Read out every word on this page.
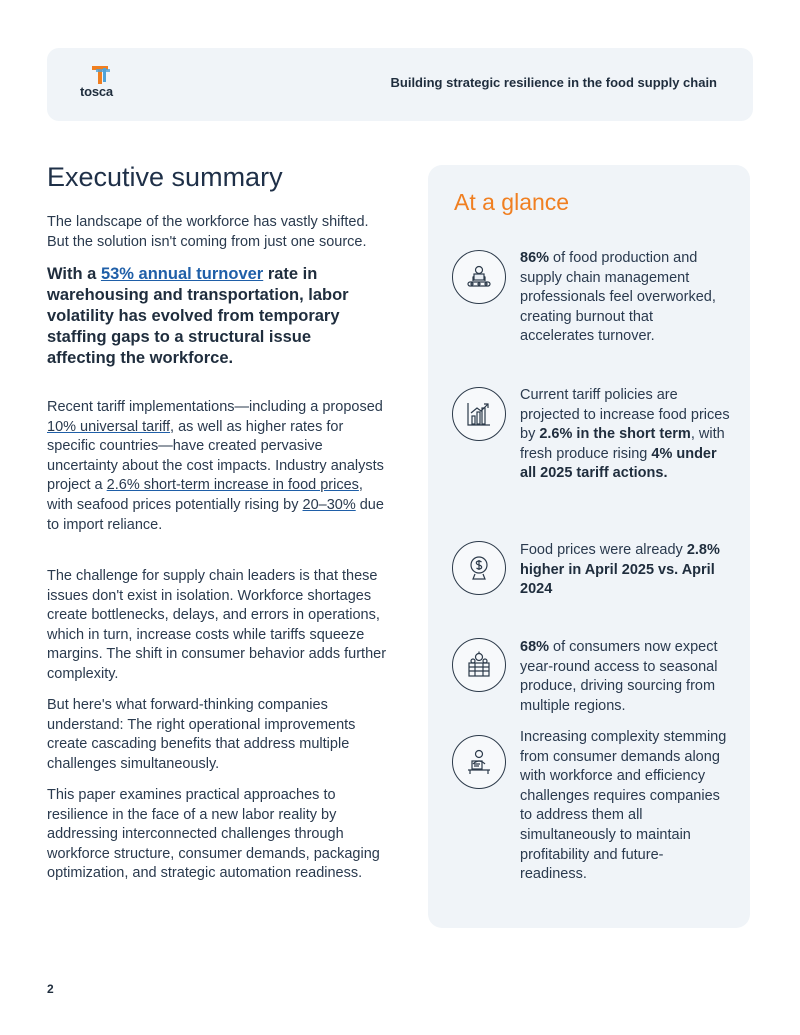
tosca
Building strategic resilience in the food supply chain
Executive summary

The landscape of the workforce has vastly shifted. But the solution isn't coming from just one source.

With a 53% annual turnover rate in warehousing and transportation, labor volatility has evolved from temporary staffing gaps to a structural issue affecting the workforce.

Recent tariff implementations—including a proposed 10% universal tariff, as well as higher rates for specific countries—have created pervasive uncertainty about the cost impacts. Industry analysts project a 2.6% short-term increase in food prices, with seafood prices potentially rising by 20–30% due to import reliance.

The challenge for supply chain leaders is that these issues don't exist in isolation. Workforce shortages create bottlenecks, delays, and errors in operations, which in turn, increase costs while tariffs squeeze margins. The shift in consumer behavior adds further complexity.

But here's what forward-thinking companies understand: The right operational improvements create cascading benefits that address multiple challenges simultaneously.

This paper examines practical approaches to resilience in the face of a new labor reality by addressing interconnected challenges through workforce structure, consumer demands, packaging optimization, and strategic automation readiness.

At a glance

86% of food production and supply chain management professionals feel overworked, creating burnout that accelerates turnover.

Current tariff policies are projected to increase food prices by 2.6% in the short term, with fresh produce rising 4% under all 2025 tariff actions.

Food prices were already 2.8% higher in April 2025 vs. April 2024

68% of consumers now expect year-round access to seasonal produce, driving sourcing from multiple regions.

Increasing complexity stemming from consumer demands along with workforce and efficiency challenges requires companies to address them all simultaneously to maintain profitability and future-readiness.

2
